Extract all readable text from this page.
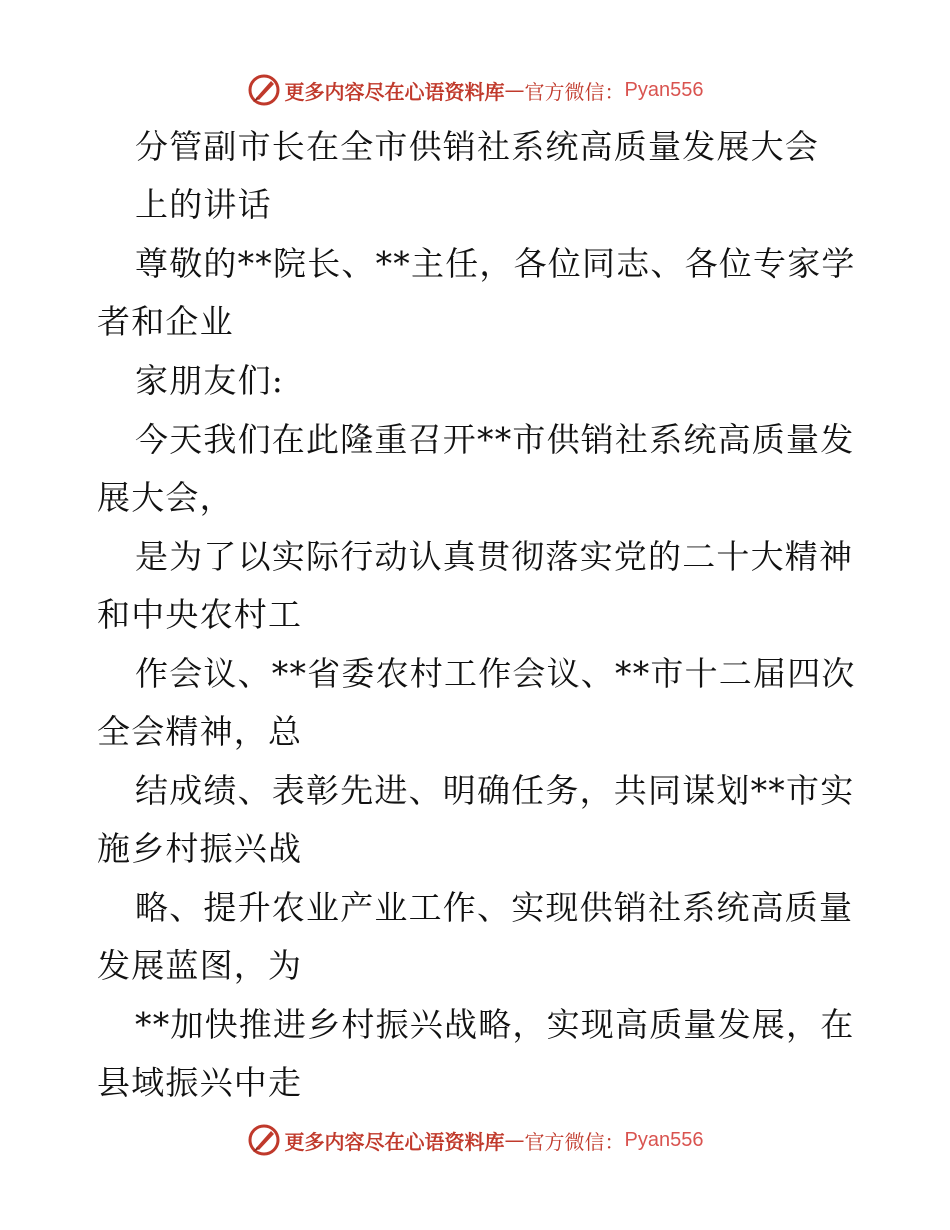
更多内容尽在心语资料库 — 官方微信： Pyan556
分管副市长在全市供销社系统高质量发展大会
上的讲话
尊敬的**院长、**主任，各位同志、各位专家学
者和企业
家朋友们:
今天我们在此隆重召开**市供销社系统高质量发
展大会，
是为了以实际行动认真贯彻落实党的二十大精神
和中央农村工
作会议、**省委农村工作会议、**市十二届四次
全会精神，总
结成绩、表彰先进、明确任务，共同谋划**市实
施乡村振兴战
略、提升农业产业工作、实现供销社系统高质量
发展蓝图，为
**加快推进乡村振兴战略，实现高质量发展，在
县域振兴中走
更多内容尽在心语资料库 — 官方微信： Pyan556
